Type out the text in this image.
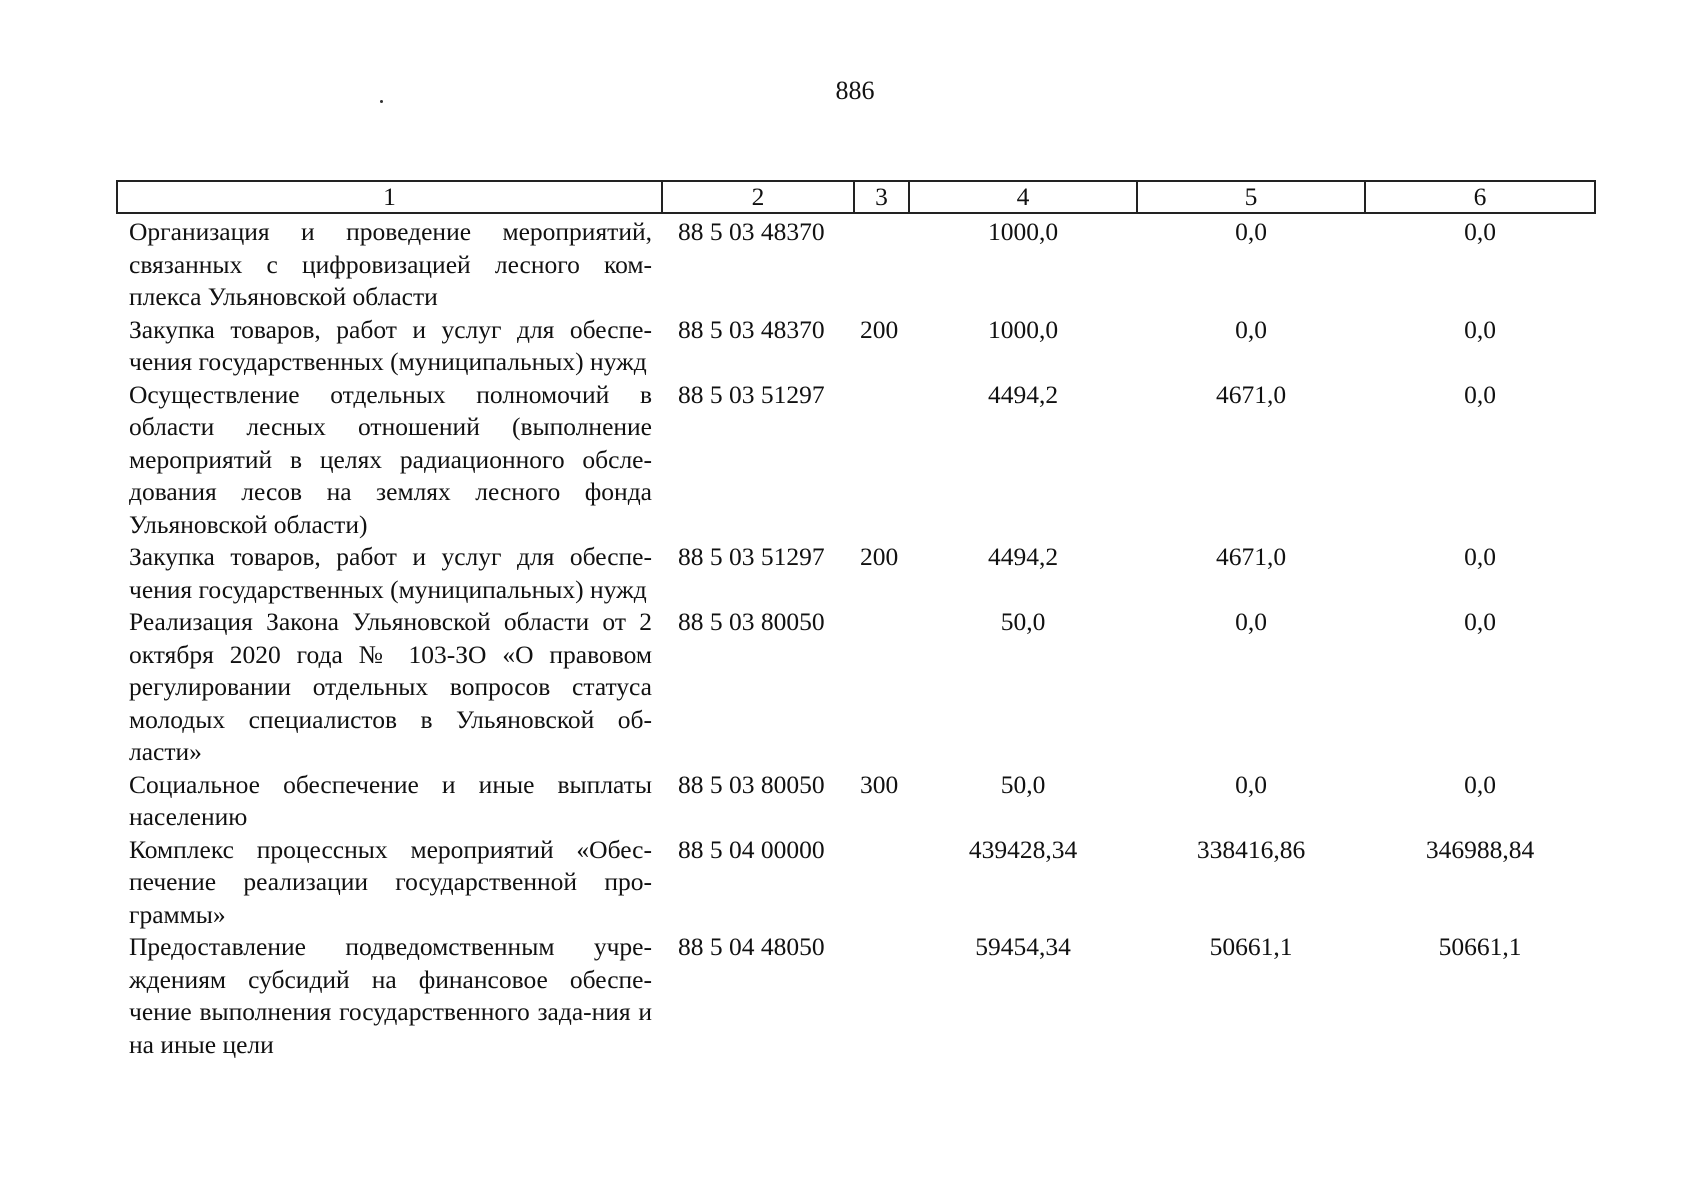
886
1	2	3	4	5	6
Организация и проведение мероприятий, связанных с цифровизацией лесного ком-плекса Ульяновской области	88 5 03 48370		1000,0	0,0	0,0
Закупка товаров, работ и услуг для обеспе-чения государственных (муниципальных) нужд	88 5 03 48370	200	1000,0	0,0	0,0
Осуществление отдельных полномочий в области лесных отношений (выполнение мероприятий в целях радиационного обсле-дования лесов на землях лесного фонда Ульяновской области)	88 5 03 51297		4494,2	4671,0	0,0
Закупка товаров, работ и услуг для обеспе-чения государственных (муниципальных) нужд	88 5 03 51297	200	4494,2	4671,0	0,0
Реализация Закона Ульяновской области от 2 октября 2020 года № 103-ЗО «О правовом регулировании отдельных вопросов статуса молодых специалистов в Ульяновской об-ласти»	88 5 03 80050		50,0	0,0	0,0
Социальное обеспечение и иные выплаты населению	88 5 03 80050	300	50,0	0,0	0,0
Комплекс процессных мероприятий «Обес-печение реализации государственной про-граммы»	88 5 04 00000		439428,34	338416,86	346988,84
Предоставление подведомственным учре-ждениям субсидий на финансовое обеспе-чение выполнения государственного зада-ния и на иные цели	88 5 04 48050		59454,34	50661,1	50661,1
